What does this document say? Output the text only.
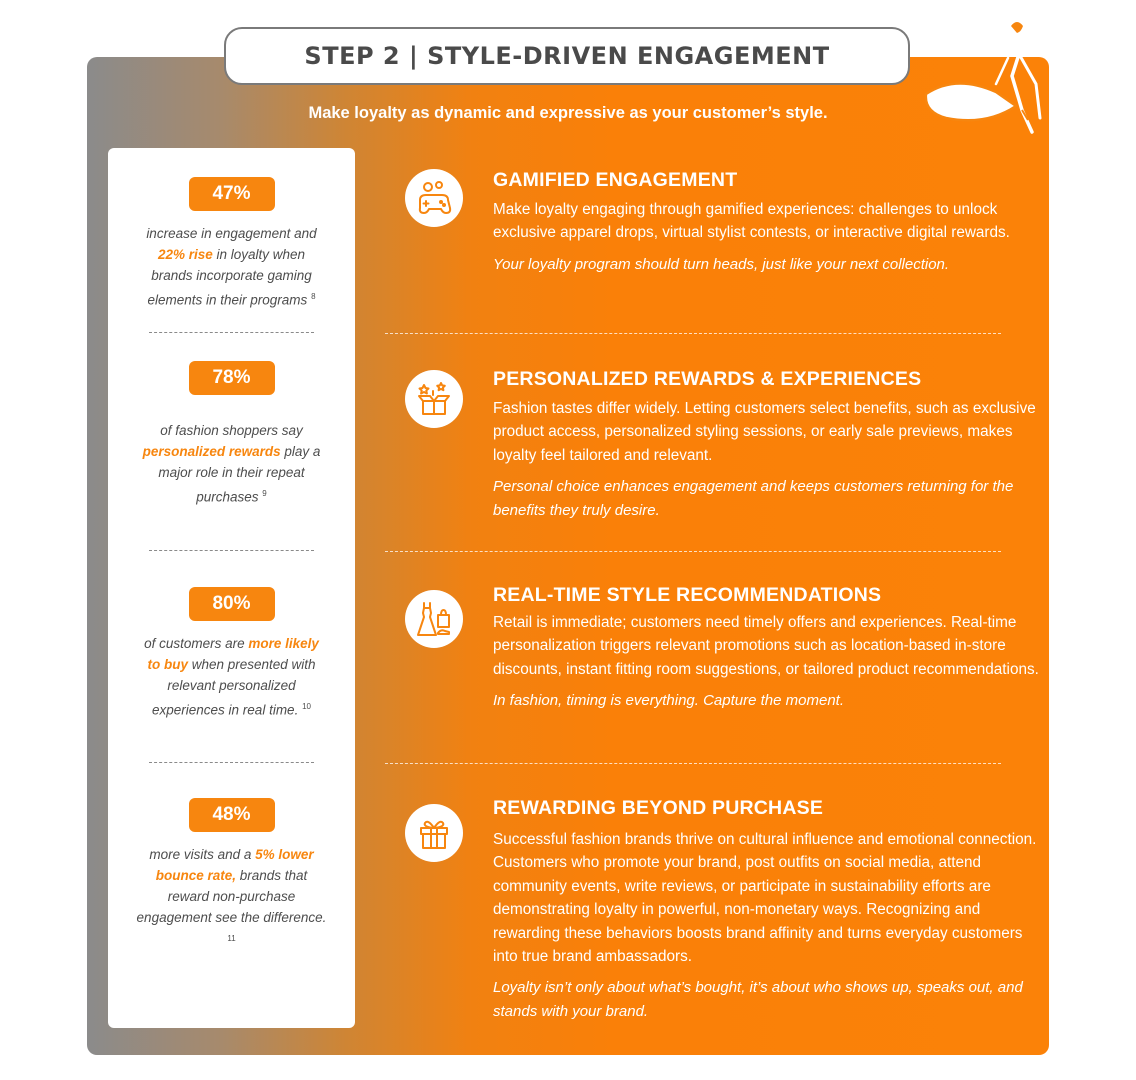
STEP 2 | STYLE-DRIVEN ENGAGEMENT
Make loyalty as dynamic and expressive as your customer’s style.
47%
increase in engagement and 22% rise in loyalty when brands incorporate gaming elements in their programs $^8$
78%
of fashion shoppers say personalized rewards play a major role in their repeat purchases $^9$
80%
of customers are more likely to buy when presented with relevant personalized experiences in real time. $^{10}$
48%
more visits and a 5% lower bounce rate, brands that reward non-purchase engagement see the difference. $^{11}$
GAMIFIED ENGAGEMENT

Make loyalty engaging through gamified experiences: challenges to unlock exclusive apparel drops, virtual stylist contests, or interactive digital rewards.

Your loyalty program should turn heads, just like your next collection.

PERSONALIZED REWARDS & EXPERIENCES

Fashion tastes differ widely. Letting customers select benefits, such as exclusive product access, personalized styling sessions, or early sale previews, makes loyalty feel tailored and relevant.

Personal choice enhances engagement and keeps customers returning for the benefits they truly desire.

REAL-TIME STYLE RECOMMENDATIONS

Retail is immediate; customers need timely offers and experiences. Real-time personalization triggers relevant promotions such as location-based in-store discounts, instant fitting room suggestions, or tailored product recommendations.

In fashion, timing is everything. Capture the moment.

REWARDING BEYOND PURCHASE

Successful fashion brands thrive on cultural influence and emotional connection. Customers who promote your brand, post outfits on social media, attend community events, write reviews, or participate in sustainability efforts are demonstrating loyalty in powerful, non-monetary ways. Recognizing and rewarding these behaviors boosts brand affinity and turns everyday customers into true brand ambassadors.

Loyalty isn’t only about what’s bought, it’s about who shows up, speaks out, and stands with your brand.
